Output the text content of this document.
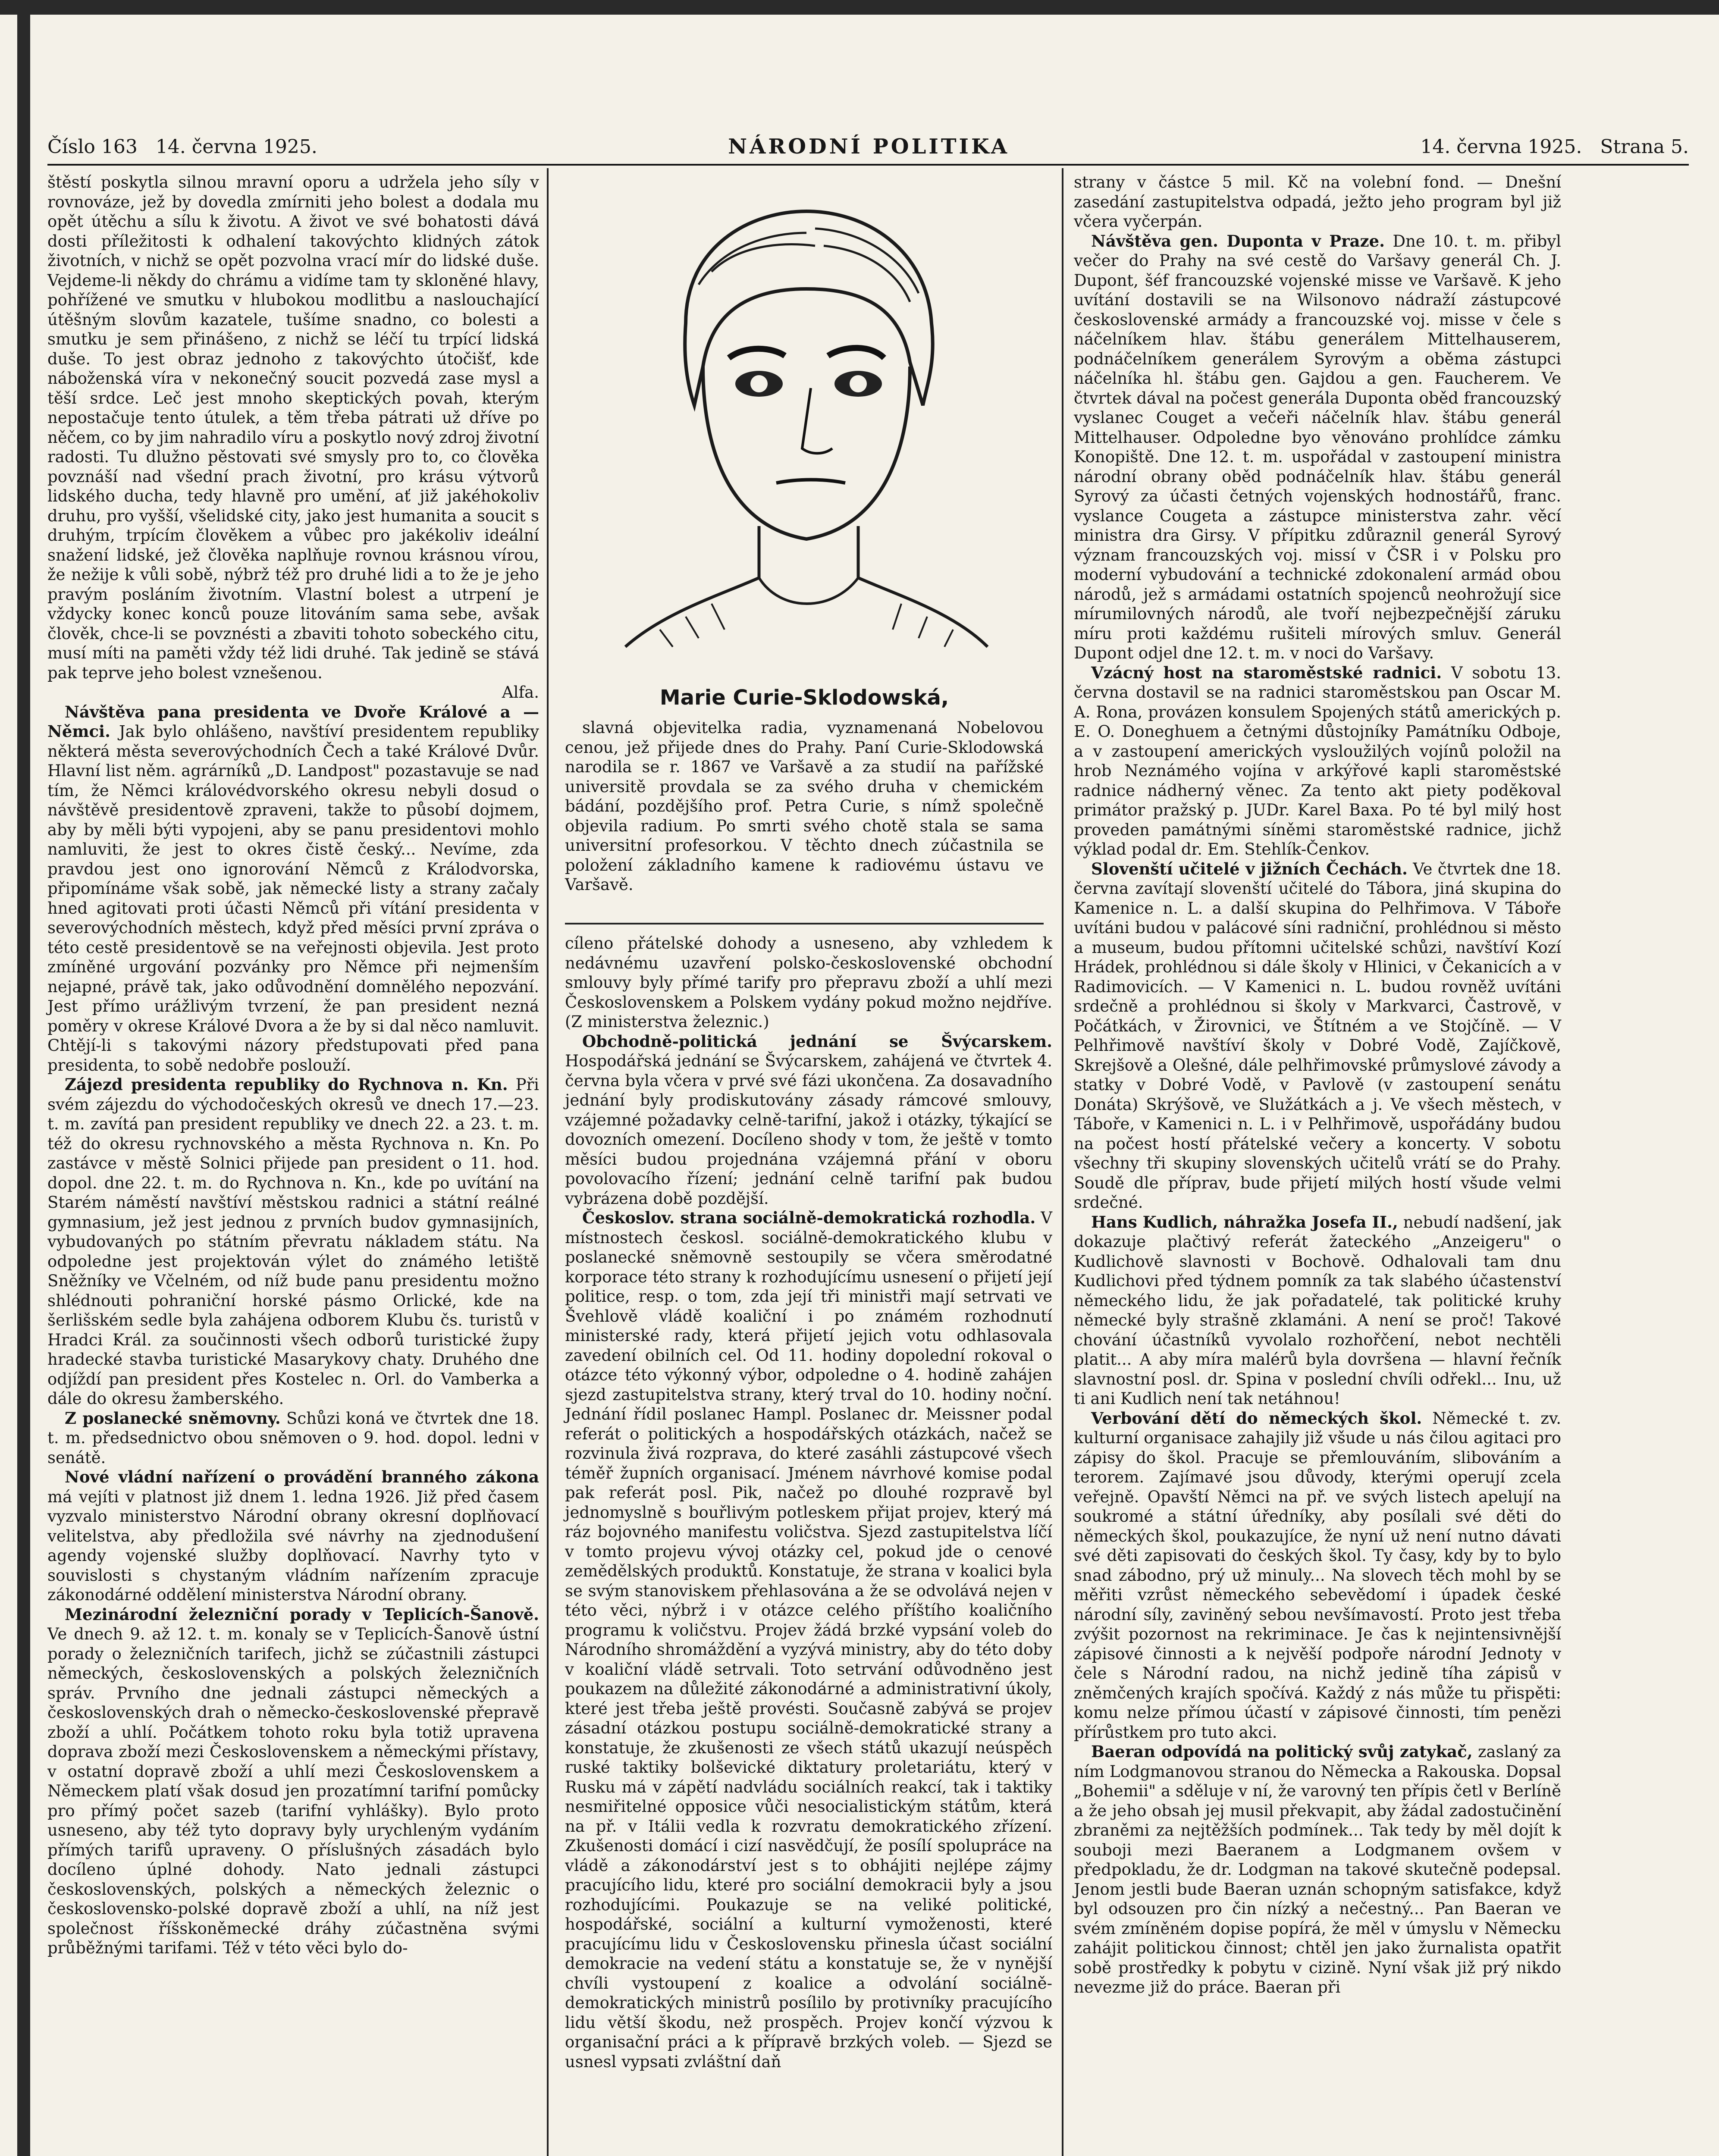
Číslo 163 14. června 1925.	NÁRODNÍ POLITIKA	14. června 1925. Strana 5.

štěstí poskytla silnou mravní oporu a udržela jeho síly v rovnováze, jež by dovedla zmírniti jeho bolest a dodala mu opět útěchu a sílu k životu. A život ve své bohatosti dává dosti příležitosti k odhalení takovýchto klidných zátok životních, v nichž se opět pozvolna vrací mír do lidské duše. Vejdeme-li někdy do chrámu a vidíme tam ty skloněné hlavy, pohřížené ve smutku v hlubokou modlitbu a naslouchající útěšným slovům kazatele, tušíme snadno, co bolesti a smutku je sem přinášeno, z nichž se léčí tu trpící lidská duše. To jest obraz jednoho z takovýchto útočišť, kde náboženská víra v nekonečný soucit pozvedá zase mysl a těší srdce. Leč jest mnoho skeptických povah, kterým nepostačuje tento útulek, a těm třeba pátrati už dříve po něčem, co by jim nahradilo víru a poskytlo nový zdroj životní radosti. Tu dlužno pěstovati své smysly pro to, co člověka povznáší nad všední prach životní, pro krásu výtvorů lidského ducha, tedy hlavně pro umění, ať již jakéhokoliv druhu, pro vyšší, všelidské city, jako jest humanita a soucit s druhým, trpícím člověkem a vůbec pro jakékoliv ideální snažení lidské, jež člověka naplňuje rovnou krásnou vírou, že nežije k vůli sobě, nýbrž též pro druhé lidi a to že je jeho pravým posláním životním. Vlastní bolest a utrpení je vždycky konec konců pouze litováním sama sebe, avšak člověk, chce-li se povznésti a zbaviti tohoto sobeckého citu, musí míti na paměti vždy též lidi druhé. Tak jedině se stává pak teprve jeho bolest vznešenou.

Alfa.

Návštěva pana presidenta ve Dvoře Králové a — Němci. Jak bylo ohlášeno, navštíví presidentem republiky některá města severovýchodních Čech a také Králové Dvůr. Hlavní list něm. agrárníků „D. Landpost" pozastavuje se nad tím, že Němci královédvorského okresu nebyli dosud o návštěvě presidentově zpraveni, takže to působí dojmem, aby by měli býti vypojeni, aby se panu presidentovi mohlo namluviti, že jest to okres čistě český... Nevíme, zda pravdou jest ono ignorování Němců z Králodvorska, připomínáme však sobě, jak německé listy a strany začaly hned agitovati proti účasti Němců při vítání presidenta v severovýchodních městech, když před měsíci první zpráva o této cestě presidentově se na veřejnosti objevila. Jest proto zmíněné urgování pozvánky pro Němce při nejmenším nejapné, právě tak, jako odůvodnění domnělého nepozvání. Jest přímo urážlivým tvrzení, že pan president nezná poměry v okrese Králové Dvora a že by si dal něco namluvit. Chtějí-li s takovými názory předstupovati před pana presidenta, to sobě nedobře poslouží.

Zájezd presidenta republiky do Rychnova n. Kn. Při svém zájezdu do východočeských okresů ve dnech 17.—23. t. m. zavítá pan president republiky ve dnech 22. a 23. t. m. též do okresu rychnovského a města Rychnova n. Kn. Po zastávce v městě Solnici přijede pan president o 11. hod. dopol. dne 22. t. m. do Rychnova n. Kn., kde po uvítání na Starém náměstí navštíví městskou radnici a státní reálné gymnasium, jež jest jednou z prvních budov gymnasijních, vybudovaných po státním převratu nákladem státu. Na odpoledne jest projektován výlet do známého letiště Sněžníky ve Včelném, od níž bude panu presidentu možno shlédnouti pohraniční horské pásmo Orlické, kde na šerlišském sedle byla zahájena odborem Klubu čs. turistů v Hradci Král. za součinnosti všech odborů turistické župy hradecké stavba turistické Masarykovy chaty. Druhého dne odjíždí pan president přes Kostelec n. Orl. do Vamberka a dále do okresu žamberského.

Z poslanecké sněmovny. Schůzi koná ve čtvrtek dne 18. t. m. předsednictvo obou sněmoven o 9. hod. dopol. ledni v senátě.

Nové vládní nařízení o provádění branného zákona má vejíti v platnost již dnem 1. ledna 1926. Již před časem vyzvalo ministerstvo Národní obrany okresní doplňovací velitelstva, aby předložila své návrhy na zjednodušení agendy vojenské služby doplňovací. Navrhy tyto v souvislosti s chystaným vládním nařízením zpracuje zákonodárné oddělení ministerstva Národní obrany.

Mezinárodní železniční porady v Teplicích-Šanově. Ve dnech 9. až 12. t. m. konaly se v Teplicích-Šanově ústní porady o železničních tarifech, jichž se zúčastnili zástupci německých, československých a polských železničních správ. Prvního dne jednali zástupci německých a československých drah o německo-československé přepravě zboží a uhlí. Počátkem tohoto roku byla totiž upravena doprava zboží mezi Československem a německými přístavy, v ostatní dopravě zboží a uhlí mezi Československem a Německem platí však dosud jen prozatímní tarifní pomůcky pro přímý počet sazeb (tarifní vyhlášky). Bylo proto usneseno, aby též tyto dopravy byly urychleným vydáním přímých tarifů upraveny. O příslušných zásadách bylo docíleno úplné dohody. Nato jednali zástupci československých, polských a německých železnic o československo-polské dopravě zboží a uhlí, na níž jest společnost říšskoněmecké dráhy zúčastněna svými průběžnými tarifami. Též v této věci bylo do-

Marie Curie-Sklodowská,

slavná objevitelka radia, vyznamenaná Nobelovou cenou, jež přijede dnes do Prahy. Paní Curie-Sklodowská narodila se r. 1867 ve Varšavě a za studií na pařížské universitě provdala se za svého druha v chemickém bádání, pozdějšího prof. Petra Curie, s nímž společně objevila radium. Po smrti svého chotě stala se sama universitní profesorkou. V těchto dnech zúčastnila se položení základního kamene k radiovému ústavu ve Varšavě.

cíleno přátelské dohody a usneseno, aby vzhledem k nedávnému uzavření polsko-československé obchodní smlouvy byly přímé tarify pro přepravu zboží a uhlí mezi Československem a Polskem vydány pokud možno nejdříve. (Z ministerstva železnic.)

Obchodně-politická jednání se Švýcarskem. Hospodářská jednání se Švýcarskem, zahájená ve čtvrtek 4. června byla včera v prvé své fázi ukončena. Za dosavadního jednání byly prodiskutovány zásady rámcové smlouvy, vzájemné požadavky celně-tarifní, jakož i otázky, týkající se dovozních omezení. Docíleno shody v tom, že ještě v tomto měsíci budou projednána vzájemná přání v oboru povolovacího řízení; jednání celně tarifní pak budou vybrázena době pozdější.

Českoslov. strana sociálně-demokratická rozhodla. V místnostech českosl. sociálně-demokratického klubu v poslanecké sněmovně sestoupily se včera směrodatné korporace této strany k rozhodujícímu usnesení o přijetí její politice, resp. o tom, zda její tři ministři mají setrvati ve Švehlově vládě koaliční i po známém rozhodnutí ministerské rady, která přijetí jejich votu odhlasovala zavedení obilních cel. Od 11. hodiny dopolední rokoval o otázce této výkonný výbor, odpoledne o 4. hodině zahájen sjezd zastupitelstva strany, který trval do 10. hodiny noční. Jednání řídil poslanec Hampl. Poslanec dr. Meissner podal referát o politických a hospodářských otázkách, načež se rozvinula živá rozprava, do které zasáhli zástupcové všech téměř župních organisací. Jménem návrhové komise podal pak referát posl. Pik, načež po dlouhé rozpravě byl jednomyslně s bouřlivým potleskem přijat projev, který má ráz bojovného manifestu voličstva. Sjezd zastupitelstva líčí v tomto projevu vývoj otázky cel, pokud jde o cenové zemědělských produktů. Konstatuje, že strana v koalici byla se svým stanoviskem přehlasována a že se odvolává nejen v této věci, nýbrž i v otázce celého příštího koaličního programu k voličstvu. Projev žádá brzké vypsání voleb do Národního shromáždění a vyzývá ministry, aby do této doby v koaliční vládě setrvali. Toto setrvání odůvodněno jest poukazem na důležité zákonodárné a administrativní úkoly, které jest třeba ještě provésti. Současně zabývá se projev zásadní otázkou postupu sociálně-demokratické strany a konstatuje, že zkušenosti ze všech států ukazují neúspěch ruské taktiky bolševické diktatury proletariátu, který v Rusku má v zápětí nadvládu sociálních reakcí, tak i taktiky nesmiřitelné opposice vůči nesocialistickým státům, která na př. v Itálii vedla k rozvratu demokratického zřízení. Zkušenosti domácí i cizí nasvědčují, že posílí spolupráce na vládě a zákonodárství jest s to obhájiti nejlépe zájmy pracujícího lidu, které pro sociální demokracii byly a jsou rozhodujícími. Poukazuje se na veliké politické, hospodářské, sociální a kulturní vymoženosti, které pracujícímu lidu v Československu přinesla účast sociální demokracie na vedení státu a konstatuje se, že v nynější chvíli vystoupení z koalice a odvolání sociálně-demokratických ministrů posílilo by protivníky pracujícího lidu větší škodu, než prospěch. Projev končí výzvou k organisační práci a k přípravě brzkých voleb. — Sjezd se usnesl vypsati zvláštní daň

strany v částce 5 mil. Kč na volební fond. — Dnešní zasedání zastupitelstva odpadá, ježto jeho program byl již včera vyčerpán.

Návštěva gen. Duponta v Praze. Dne 10. t. m. přibyl večer do Prahy na své cestě do Varšavy generál Ch. J. Dupont, šéf francouzské vojenské misse ve Varšavě. K jeho uvítání dostavili se na Wilsonovo nádraží zástupcové československé armády a francouzské voj. misse v čele s náčelníkem hlav. štábu generálem Mittelhauserem, podnáčelníkem generálem Syrovým a oběma zástupci náčelníka hl. štábu gen. Gajdou a gen. Faucherem. Ve čtvrtek dával na počest generála Duponta oběd francouzský vyslanec Couget a večeři náčelník hlav. štábu generál Mittelhauser. Odpoledne byo věnováno prohlídce zámku Konopiště. Dne 12. t. m. uspořádal v zastoupení ministra národní obrany oběd podnáčelník hlav. štábu generál Syrový za účasti četných vojenských hodnostářů, franc. vyslance Cougeta a zástupce ministerstva zahr. věcí ministra dra Girsy. V přípitku zdůraznil generál Syrový význam francouzských voj. missí v ČSR i v Polsku pro moderní vybudování a technické zdokonalení armád obou národů, jež s armádami ostatních spojenců neohrožují sice mírumilovných národů, ale tvoří nejbezpečnější záruku míru proti každému rušiteli mírových smluv. Generál Dupont odjel dne 12. t. m. v noci do Varšavy.

Vzácný host na staroměstské radnici. V sobotu 13. června dostavil se na radnici staroměstskou pan Oscar M. A. Rona, provázen konsulem Spojených států amerických p. E. O. Doneghuem a četnými důstojníky Památníku Odboje, a v zastoupení amerických vysloužilých vojínů položil na hrob Neznámého vojína v arkýřové kapli staroměstské radnice nádherný věnec. Za tento akt piety poděkoval primátor pražský p. JUDr. Karel Baxa. Po té byl milý host proveden památnými síněmi staroměstské radnice, jichž výklad podal dr. Em. Stehlík-Čenkov.

Slovenští učitelé v jižních Čechách. Ve čtvrtek dne 18. června zavítají slovenští učitelé do Tábora, jiná skupina do Kamenice n. L. a další skupina do Pelhřimova. V Táboře uvítáni budou v palácové síni radniční, prohlédnou si město a museum, budou přítomni učitelské schůzi, navštíví Kozí Hrádek, prohlédnou si dále školy v Hlinici, v Čekanicích a v Radimovicích. — V Kamenici n. L. budou rovněž uvítáni srdečně a prohlédnou si školy v Markvarci, Častrově, v Počátkách, v Žirovnici, ve Štítném a ve Stojčíně. — V Pelhřimově navštíví školy v Dobré Vodě, Zajíčkově, Skrejšově a Olešné, dále pelhřimovské průmyslové závody a statky v Dobré Vodě, v Pavlově (v zastoupení senátu Donáta) Skrýšově, ve Služátkách a j. Ve všech městech, v Táboře, v Kamenici n. L. i v Pelhřimově, uspořádány budou na počest hostí přátelské večery a koncerty. V sobotu všechny tři skupiny slovenských učitelů vrátí se do Prahy. Soudě dle příprav, bude přijetí milých hostí všude velmi srdečné.

Hans Kudlich, náhražka Josefa II., nebudí nadšení, jak dokazuje plačtivý referát žateckého „Anzeigeru" o Kudlichově slavnosti v Bochově. Odhalovali tam dnu Kudlichovi před týdnem pomník za tak slabého účastenství německého lidu, že jak pořadatelé, tak politické kruhy německé byly strašně zklamáni. A není se proč! Takové chování účastníků vyvolalo rozhořčení, nebot nechtěli platit... A aby míra malérů byla dovršena — hlavní řečník slavnostní posl. dr. Spina v poslední chvíli odřekl... Inu, už ti ani Kudlich není tak netáhnou!

Verbování dětí do německých škol. Německé t. zv. kulturní organisace zahajily již všude u nás čilou agitaci pro zápisy do škol. Pracuje se přemlouváním, slibováním a terorem. Zajímavé jsou důvody, kterými operují zcela veřejně. Opavští Němci na př. ve svých listech apelují na soukromé a státní úředníky, aby posílali své děti do německých škol, poukazujíce, že nyní už není nutno dávati své děti zapisovati do českých škol. Ty časy, kdy by to bylo snad zábodno, prý už minuly... Na slovech těch mohl by se měřiti vzrůst německého sebevědomí i úpadek české národní síly, zaviněný sebou nevšímavostí. Proto jest třeba zvýšit pozornost na rekriminace. Je čas k nejintensivnější zápisové činnosti a k nejvěší podpoře národní Jednoty v čele s Národní radou, na nichž jedině tíha zápisů v zněmčených krajích spočívá. Každý z nás může tu přispěti: komu nelze přímou účastí v zápisové činnosti, tím penězi přírůstkem pro tuto akci.

Baeran odpovídá na politický svůj zatykač, zaslaný za ním Lodgmanovou stranou do Německa a Rakouska. Dopsal „Bohemii" a sděluje v ní, že varovný ten přípis četl v Berlíně a že jeho obsah jej musil překvapit, aby žádal zadostučinění zbraněmi za nejtěžších podmínek... Tak tedy by měl dojít k souboji mezi Baeranem a Lodgmanem ovšem v předpokladu, že dr. Lodgman na takové skutečně podepsal. Jenom jestli bude Baeran uznán schopným satisfakce, když byl odsouzen pro čin nízký a nečestný... Pan Baeran ve svém zmíněném dopise popírá, že měl v úmyslu v Německu zahájit politickou činnost; chtěl jen jako žurnalista opatřit sobě prostředky k pobytu v cizině. Nyní však již prý nikdo nevezme již do práce. Baeran při
